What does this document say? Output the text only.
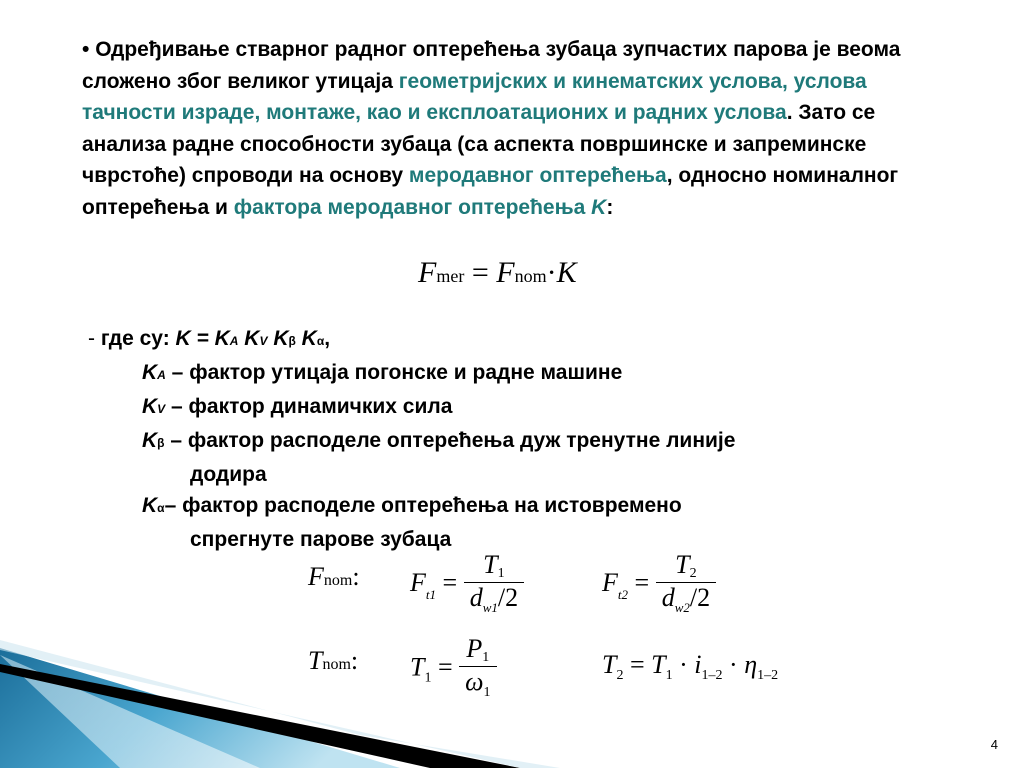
• Одређивање стварног радног оптерећења зубаца зупчастих парова је веома сложено због великог утицаја геометријских и кинематских услова, услова тачности израде, монтаже, као и експлоатационих и радних услова. Зато се анализа радне способности зубаца (са аспекта површинске и запреминске чврстоће) спроводи на основу меродавног оптерећења, односно номиналног оптерећења и фактора меродавног оптерећења K:
Fmer = Fnom·K
- где су: K = KA KV Kβ Kα,
KA – фактор утицаја погонске и радне машине
KV – фактор динамичких сила
Kβ – фактор расподеле оптерећења дуж тренутне линије
додира
Kα– фактор расподеле оптерећења на истовремено
спрегнуте парове зубаца
Fnom: $F_{t1} = \frac{T1}{d_{w1}/2}$	$F_{t2} = \frac{T2}{d_{w2}/2}$
Tnom: $T_1 = \frac{P1}{\omega_1}$	$T_2 = T_1 \cdot i_{1-2} \cdot \eta_{1-2}$
4
